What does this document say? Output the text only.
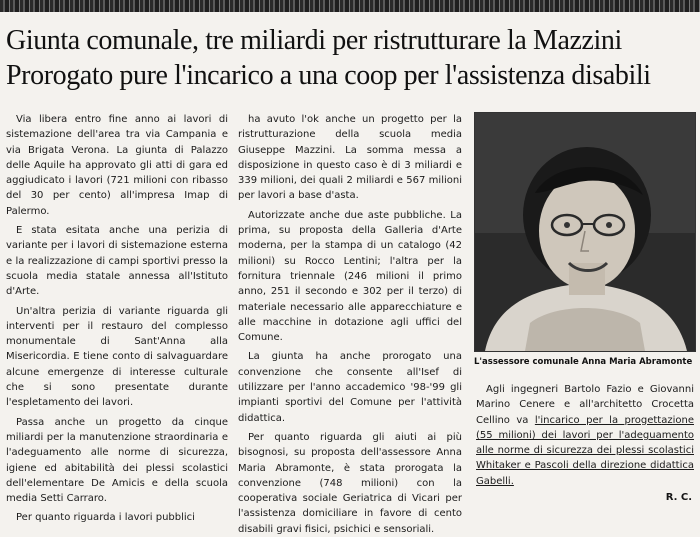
Giunta comunale, tre miliardi per ristrutturare la Mazzini
Prorogato pure l'incarico a una coop per l'assistenza disabili

Via libera entro fine anno ai lavori di sistemazione dell'area tra via Campania e via Brigata Verona. La giunta di Palazzo delle Aquile ha approvato gli atti di gara ed aggiudicato i lavori (721 milioni con ribasso del 30 per cento) all'impresa Imap di Palermo.

E stata esitata anche una perizia di variante per i lavori di sistemazione esterna e la realizzazione di campi sportivi presso la scuola media statale annessa all'Istituto d'Arte.

Un'altra perizia di variante riguarda gli interventi per il restauro del complesso monumentale di Sant'Anna alla Misericordia. E tiene conto di salvaguardare alcune emergenze di interesse culturale che si sono presentate durante l'espletamento dei lavori.

Passa anche un progetto da cinque miliardi per la manutenzione straordinaria e l'adeguamento alle norme di sicurezza, igiene ed abitabilità dei plessi scolastici dell'elementare De Amicis e della scuola media Setti Carraro.

Per quanto riguarda i lavori pubblici

ha avuto l'ok anche un progetto per la ristrutturazione della scuola media Giuseppe Mazzini. La somma messa a disposizione in questo caso è di 3 miliardi e 339 milioni, dei quali 2 miliardi e 567 milioni per lavori a base d'asta.

Autorizzate anche due aste pubbliche. La prima, su proposta della Galleria d'Arte moderna, per la stampa di un catalogo (42 milioni) su Rocco Lentini; l'altra per la fornitura triennale (246 milioni il primo anno, 251 il secondo e 302 per il terzo) di materiale necessario alle apparecchiature e alle macchine in dotazione agli uffici del Comune.

La giunta ha anche prorogato una convenzione che consente all'Isef di utilizzare per l'anno accademico '98-'99 gli impianti sportivi del Comune per l'attività didattica.

Per quanto riguarda gli aiuti ai più bisognosi, su proposta dell'assessore Anna Maria Abramonte, è stata prorogata la convenzione (748 milioni) con la cooperativa sociale Geriatrica di Vicari per l'assistenza domiciliare in favore di cento disabili gravi fisici, psichici e sensoriali.

L'assessore comunale Anna Maria Abramonte

Agli ingegneri Bartolo Fazio e Giovanni Marino Cenere e all'architetto Crocetta Cellino va l'incarico per la progettazione (55 milioni) dei lavori per l'adeguamento alle norme di sicurezza dei plessi scolastici Whitaker e Pascoli della direzione didattica Gabelli.

R. C.
